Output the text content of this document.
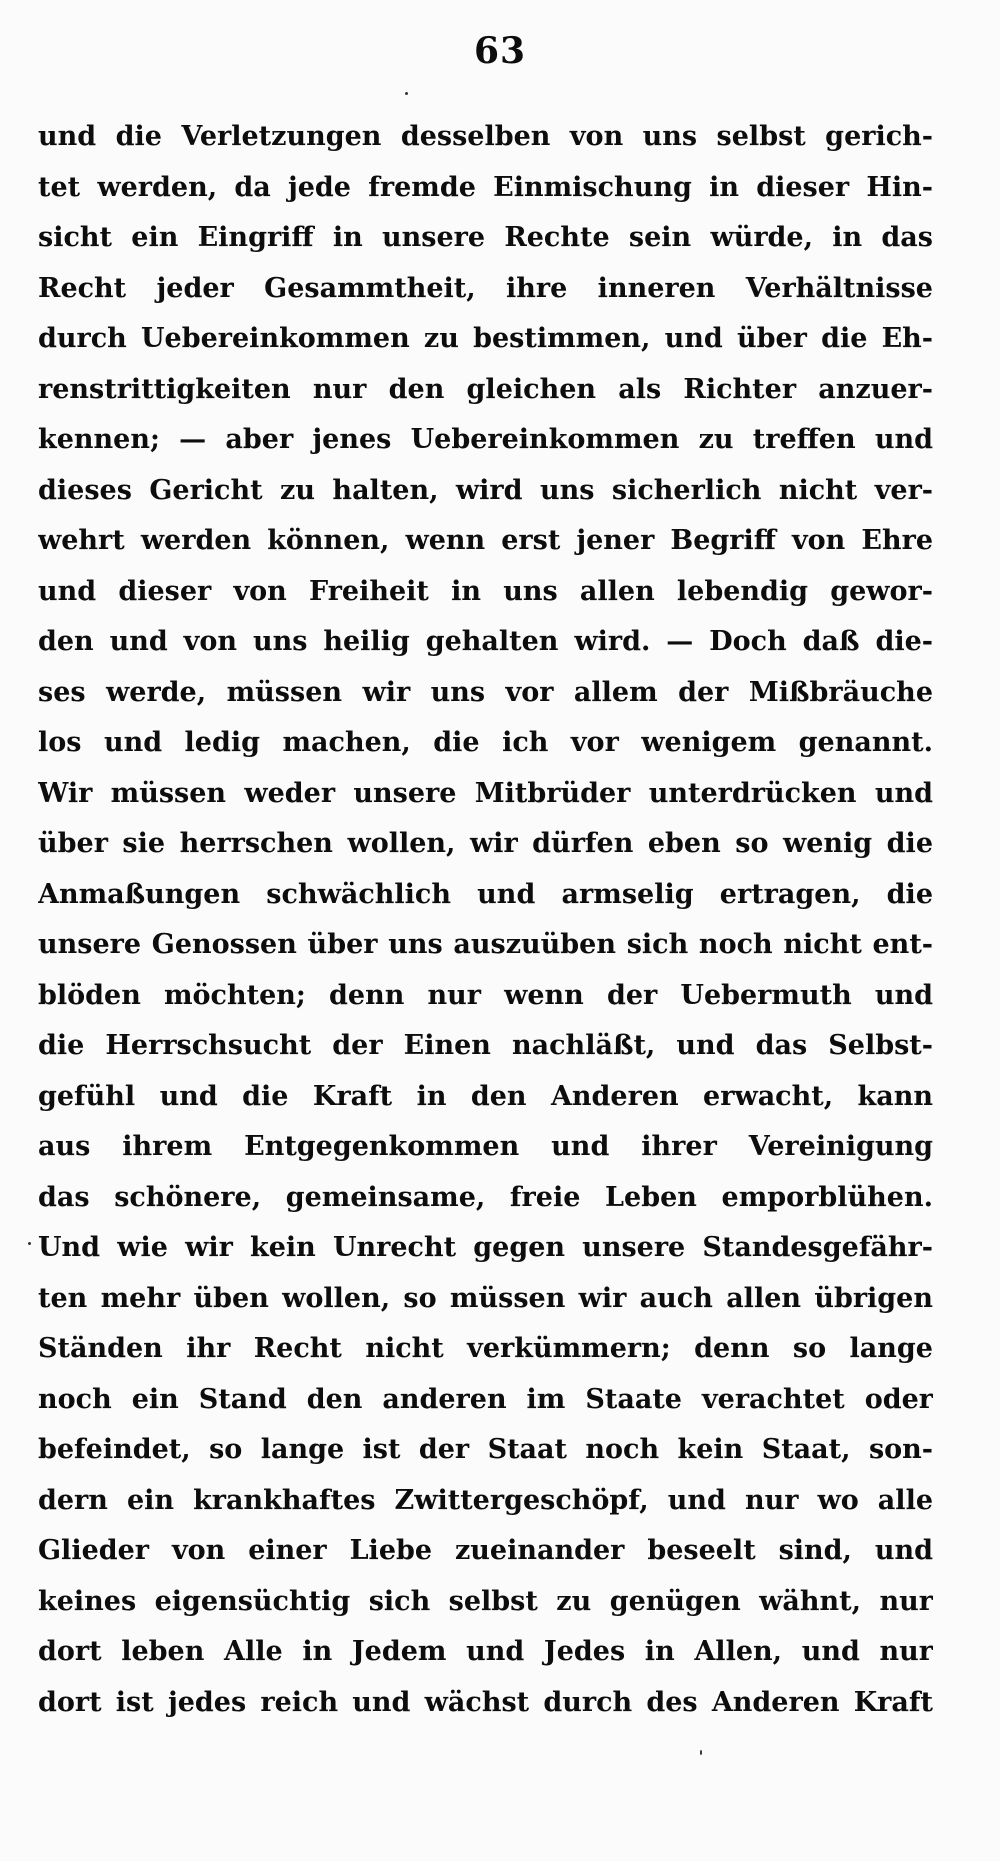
63
und die Verletzungen desselben von uns selbst gerich-
tet werden, da jede fremde Einmischung in dieser Hin-
sicht ein Eingriff in unsere Rechte sein würde, in das
Recht jeder Gesammtheit, ihre inneren Verhältnisse
durch Uebereinkommen zu bestimmen, und über die Eh-
renstrittigkeiten nur den gleichen als Richter anzuer-
kennen; — aber jenes Uebereinkommen zu treffen und
dieses Gericht zu halten, wird uns sicherlich nicht ver-
wehrt werden können, wenn erst jener Begriff von Ehre
und dieser von Freiheit in uns allen lebendig gewor-
den und von uns heilig gehalten wird. — Doch daß die-
ses werde, müssen wir uns vor allem der Mißbräuche
los und ledig machen, die ich vor wenigem genannt.
Wir müssen weder unsere Mitbrüder unterdrücken und
über sie herrschen wollen, wir dürfen eben so wenig die
Anmaßungen schwächlich und armselig ertragen, die
unsere Genossen über uns auszuüben sich noch nicht ent-
blöden möchten; denn nur wenn der Uebermuth und
die Herrschsucht der Einen nachläßt, und das Selbst-
gefühl und die Kraft in den Anderen erwacht, kann
aus ihrem Entgegenkommen und ihrer Vereinigung
das schönere, gemeinsame, freie Leben emporblühen.
Und wie wir kein Unrecht gegen unsere Standesgefähr-
ten mehr üben wollen, so müssen wir auch allen übrigen
Ständen ihr Recht nicht verkümmern; denn so lange
noch ein Stand den anderen im Staate verachtet oder
befeindet, so lange ist der Staat noch kein Staat, son-
dern ein krankhaftes Zwittergeschöpf, und nur wo alle
Glieder von einer Liebe zueinander beseelt sind, und
keines eigensüchtig sich selbst zu genügen wähnt, nur
dort leben Alle in Jedem und Jedes in Allen, und nur
dort ist jedes reich und wächst durch des Anderen Kraft
